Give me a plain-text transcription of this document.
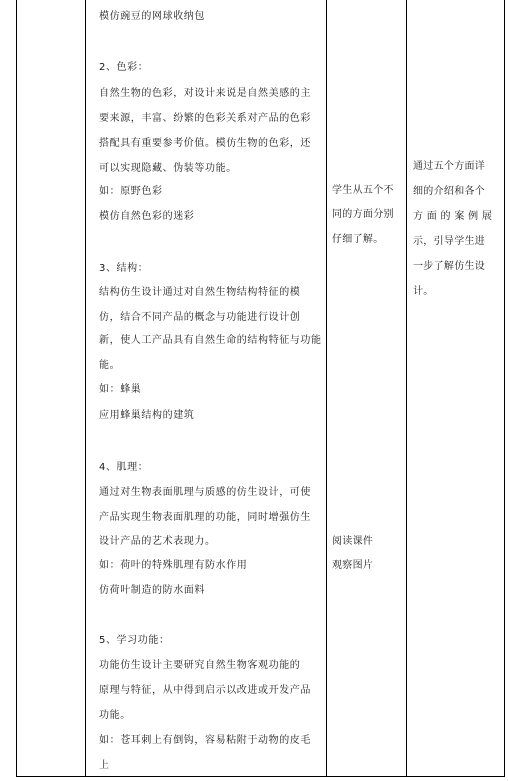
模仿豌豆的网球收纳包
2、色彩：
自然生物的色彩，对设计来说是自然美感的主
要来源，丰富、纷繁的色彩关系对产品的色彩
搭配具有重要参考价值。模仿生物的色彩，还
可以实现隐藏、伪装等功能。
如：原野色彩
模仿自然色彩的迷彩
3、结构：
结构仿生设计通过对自然生物结构特征的模
仿，结合不同产品的概念与功能进行设计创
新，使人工产品具有自然生命的结构特征与功能
能。
如：蜂巢
应用蜂巢结构的建筑
4、肌理：
通过对生物表面肌理与质感的仿生设计，可使
产品实现生物表面肌理的功能，同时增强仿生
设计产品的艺术表现力。
如：荷叶的特殊肌理有防水作用
仿荷叶制造的防水面料
5、学习功能：
功能仿生设计主要研究自然生物客观功能的
原理与特征，从中得到启示以改进或开发产品
功能。
如：苍耳刺上有倒钩，容易粘附于动物的皮毛
上
学生从五个不
同的方面分别
仔细了解。
阅读课件
观察图片
通过五个方面详
细的介绍和各个
方 面 的 案 例 展
示，引导学生进
一步了解仿生设
计。
